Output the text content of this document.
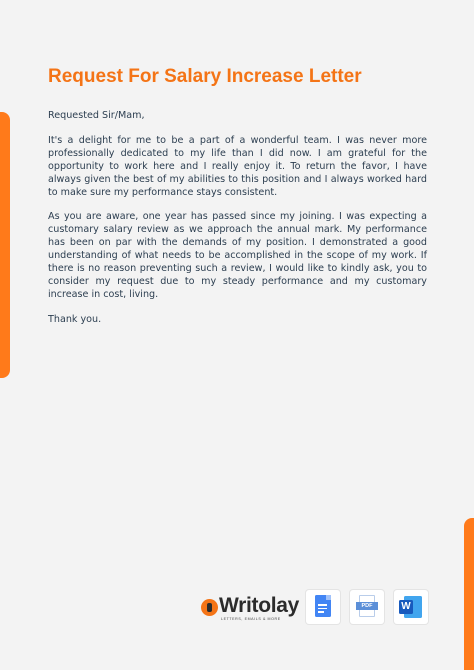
Request For Salary Increase Letter

Requested Sir/Mam,

It's a delight for me to be a part of a wonderful team. I was never more professionally dedicated to my life than I did now. I am grateful for the opportunity to work here and I really enjoy it. To return the favor, I have always given the best of my abilities to this position and I always worked hard to make sure my performance stays consistent.

As you are aware, one year has passed since my joining. I was expecting a customary salary review as we approach the annual mark. My performance has been on par with the demands of my position. I demonstrated a good understanding of what needs to be accomplished in the scope of my work. If there is no reason preventing such a review, I would like to kindly ask, you to consider my request due to my steady performance and my customary increase in cost, living.

Thank you.

Writolay
LETTERS, EMAILS & MORE
PDF	W
